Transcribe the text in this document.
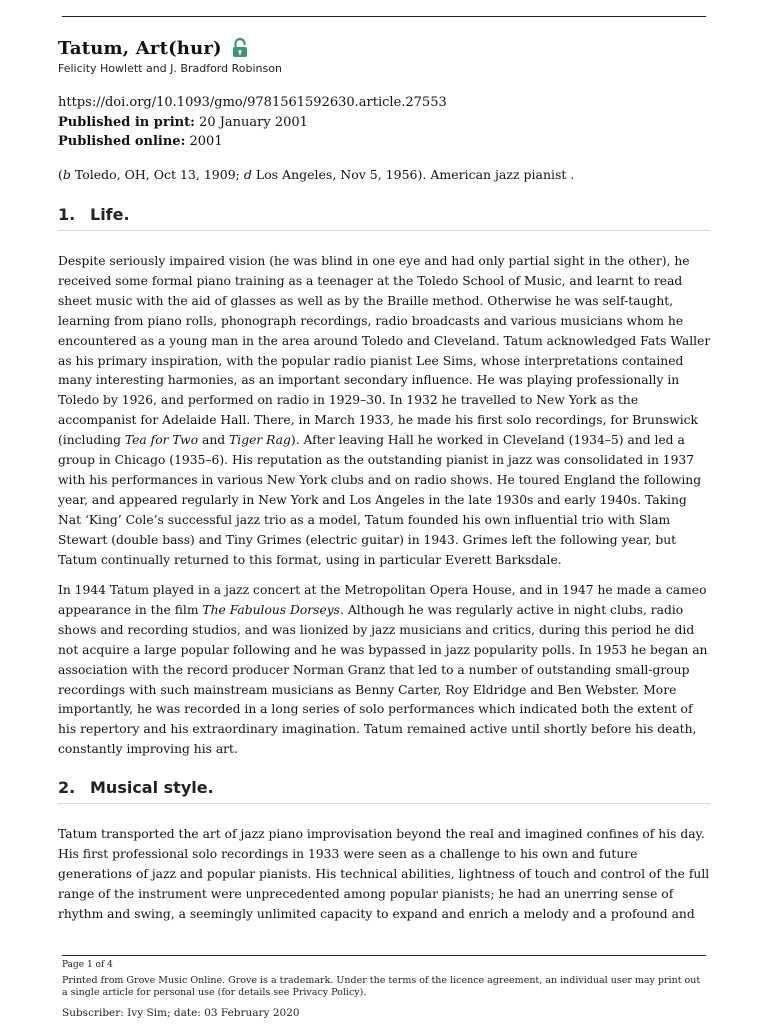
Tatum, Art(hur)
Felicity Howlett and J. Bradford Robinson
https://doi.org/10.1093/gmo/9781561592630.article.27553
Published in print: 20 January 2001
Published online: 2001
(b Toledo, OH, Oct 13, 1909; d Los Angeles, Nov 5, 1956). American jazz pianist .
1. Life.

Despite seriously impaired vision (he was blind in one eye and had only partial sight in the other), he received some formal piano training as a teenager at the Toledo School of Music, and learnt to read sheet music with the aid of glasses as well as by the Braille method. Otherwise he was self-taught, learning from piano rolls, phonograph recordings, radio broadcasts and various musicians whom he encountered as a young man in the area around Toledo and Cleveland. Tatum acknowledged Fats Waller as his primary inspiration, with the popular radio pianist Lee Sims, whose interpretations contained many interesting harmonies, as an important secondary influence. He was playing professionally in Toledo by 1926, and performed on radio in 1929–30. In 1932 he travelled to New York as the accompanist for Adelaide Hall. There, in March 1933, he made his first solo recordings, for Brunswick (including Tea for Two and Tiger Rag). After leaving Hall he worked in Cleveland (1934–5) and led a group in Chicago (1935–6). His reputation as the outstanding pianist in jazz was consolidated in 1937 with his performances in various New York clubs and on radio shows. He toured England the following year, and appeared regularly in New York and Los Angeles in the late 1930s and early 1940s. Taking Nat ‘King’ Cole’s successful jazz trio as a model, Tatum founded his own influential trio with Slam Stewart (double bass) and Tiny Grimes (electric guitar) in 1943. Grimes left the following year, but Tatum continually returned to this format, using in particular Everett Barksdale.

In 1944 Tatum played in a jazz concert at the Metropolitan Opera House, and in 1947 he made a cameo appearance in the film The Fabulous Dorseys. Although he was regularly active in night clubs, radio shows and recording studios, and was lionized by jazz musicians and critics, during this period he did not acquire a large popular following and he was bypassed in jazz popularity polls. In 1953 he began an association with the record producer Norman Granz that led to a number of outstanding small-group recordings with such mainstream musicians as Benny Carter, Roy Eldridge and Ben Webster. More importantly, he was recorded in a long series of solo performances which indicated both the extent of his repertory and his extraordinary imagination. Tatum remained active until shortly before his death, constantly improving his art.

2. Musical style.

Tatum transported the art of jazz piano improvisation beyond the real and imagined confines of his day. His first professional solo recordings in 1933 were seen as a challenge to his own and future generations of jazz and popular pianists. His technical abilities, lightness of touch and control of the full range of the instrument were unprecedented among popular pianists; he had an unerring sense of rhythm and swing, a seemingly unlimited capacity to expand and enrich a melody and a profound and

Page 1 of 4
Printed from Grove Music Online. Grove is a trademark. Under the terms of the licence agreement, an individual user may print out a single article for personal use (for details see Privacy Policy).
Subscriber: Ivy Sim; date: 03 February 2020
